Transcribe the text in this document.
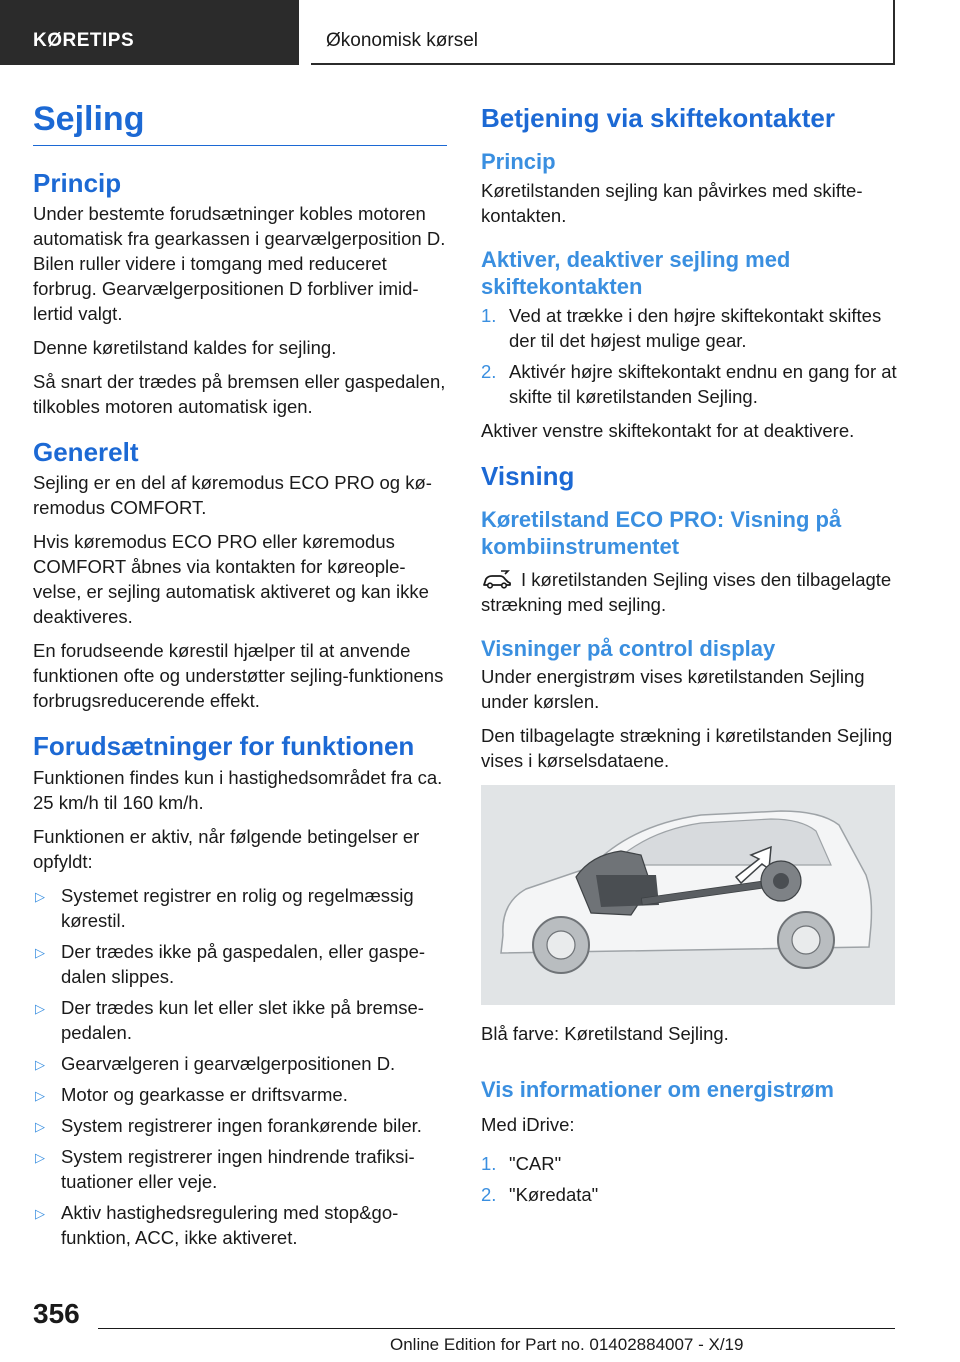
KØRETIPS	Økonomisk kørsel
Sejling
Princip

Under bestemte forudsætninger kobles motoren automatisk fra gearkassen i gearvælgerposition D. Bilen ruller videre i tomgang med reduceret forbrug. Gearvælgerpositionen D forbliver imidlertid valgt.

Denne køretilstand kaldes for sejling.

Så snart der trædes på bremsen eller gaspedalen, tilkobles motoren automatisk igen.

Generelt

Sejling er en del af køremodus ECO PRO og køremodus COMFORT.

Hvis køremodus ECO PRO eller køremodus COMFORT åbnes via kontakten for køreoplevelse, er sejling automatisk aktiveret og kan ikke deaktiveres.

En forudseende kørestil hjælper til at anvende funktionen ofte og understøtter sejling-funktionens forbrugsreducerende effekt.

Forudsætninger for funktionen

Funktionen findes kun i hastighedsområdet fra ca. 25 km/h til 160 km/h.

Funktionen er aktiv, når følgende betingelser er opfyldt:

▷ Systemet registrer en rolig og regelmæssig kørestil.
▷ Der trædes ikke på gaspedalen, eller gaspedalen slippes.
▷ Der trædes kun let eller slet ikke på bremsepedalen.
▷ Gearvælgeren i gearvælgerpositionen D.
▷ Motor og gearkasse er driftsvarme.
▷ System registrerer ingen forankørende biler.
▷ System registrerer ingen hindrende trafiksituationer eller veje.
▷ Aktiv hastighedsregulering med stop&go-funktion, ACC, ikke aktiveret.
Betjening via skiftekontakter
Princip

Køretilstanden sejling kan påvirkes med skiftekontakten.

Aktiver, deaktiver sejling med skiftekontakten
1. Ved at trække i den højre skiftekontakt skiftes der til det højest mulige gear.
2. Aktivér højre skiftekontakt endnu en gang for at skifte til køretilstanden Sejling.

Aktiver venstre skiftekontakt for at deaktivere.

Visning
Køretilstand ECO PRO: Visning på kombiinstrumentet

I køretilstanden Sejling vises den tilbagelagte strækning med sejling.

Visninger på control display

Under energistrøm vises køretilstanden Sejling under kørslen.

Den tilbagelagte strækning i køretilstanden Sejling vises i kørselsdataene.

Blå farve: Køretilstand Sejling.

Vis informationer om energistrøm

Med iDrive:

1. "CAR"
2. "Køredata"
356
Online Edition for Part no. 01402884007 - X/19
